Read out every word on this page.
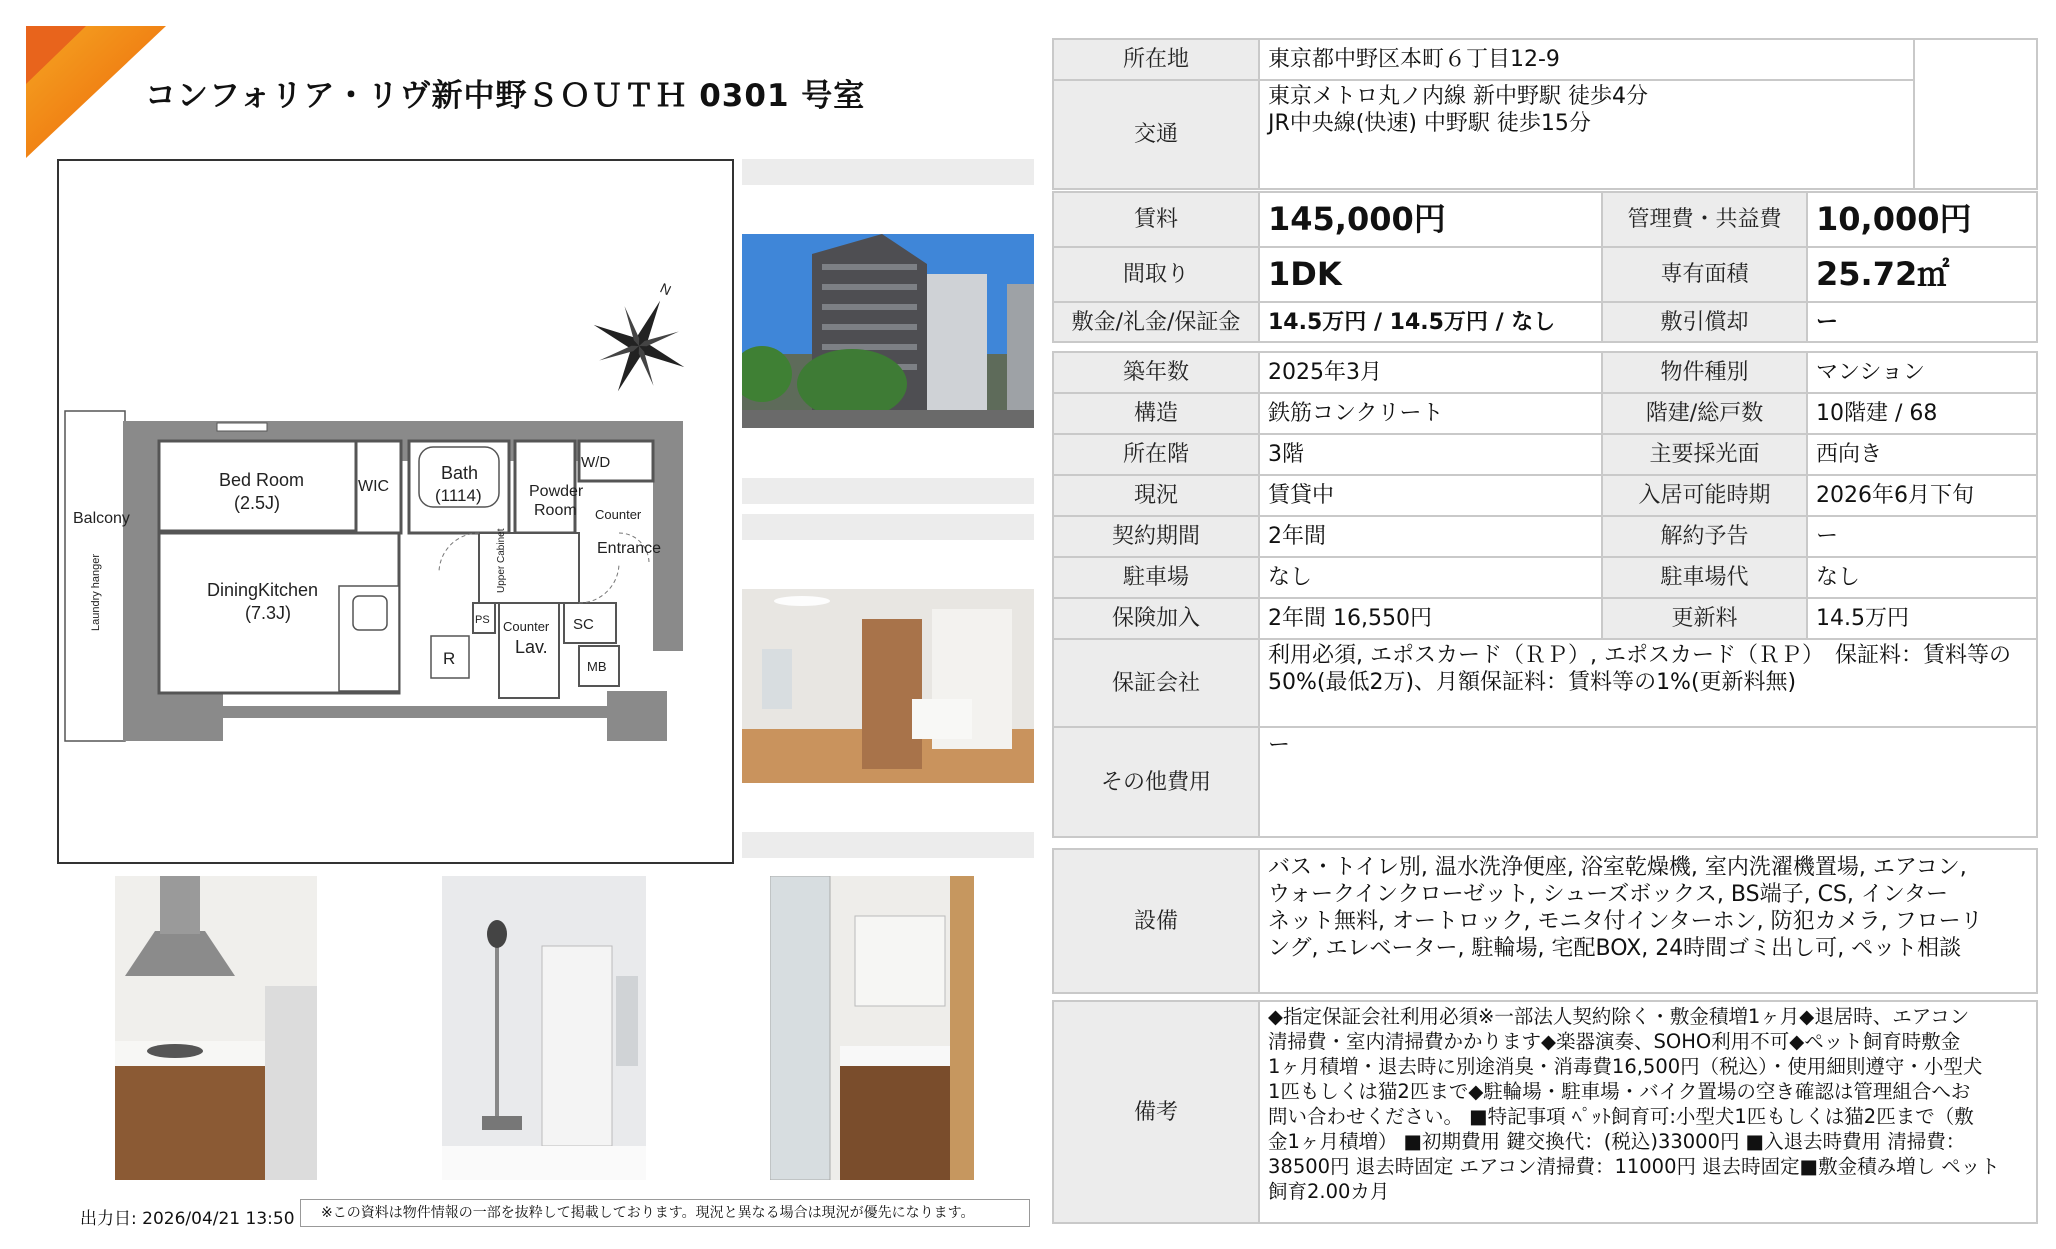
コンフォリア・リヴ新中野ＳＯＵＴＨ 0301 号室
N
Bed Room
(2.5J)
WIC
Bath
(1114)
W/D
Powder
Room Counter
Balcony
Laundry hanger	DiningKitchen
(7.3J)
Upper Cabinet	Entrance
PS Counter
Lav.
SC
R	MB
所在地	東京都中野区本町６丁目12-9	
交通	東京メトロ丸ノ内線 新中野駅 徒歩4分
JR中央線(快速) 中野駅 徒歩15分	
賃料	145,000円	管理費・共益費	10,000円
間取り	1DK	専有面積	25.72㎡
敷金/礼金/保証金	14.5万円 / 14.5万円 / なし	敷引償却	ー
築年数	2025年3月	物件種別	マンション
構造	鉄筋コンクリート	階建/総戸数	10階建 / 68
所在階	3階	主要採光面	西向き
現況	賃貸中	入居可能時期	2026年6月下旬
契約期間	2年間	解約予告	ー
駐車場	なし	駐車場代	なし
保険加入	2年間 16,550円	更新料	14.5万円
保証会社	利用必須, エポスカード（ＲＰ）, エポスカード（ＲＰ）　保証料：賃料等の
50%(最低2万)、月額保証料：賃料等の1%(更新料無)		

その他費用	ー		
設備	
バス・トイレ別, 温水洗浄便座, 浴室乾燥機, 室内洗濯機置場, エアコン,
ウォークインクローゼット, シューズボックス, BS端子, CS, インター
ネット無料, オートロック, モニタ付インターホン, 防犯カメラ, フローリ
ング, エレベーター, 駐輪場, 宅配BOX, 24時間ゴミ出し可, ペット相談
備考	
◆指定保証会社利用必須※一部法人契約除く・敷金積増1ヶ月◆退居時、エアコン
清掃費・室内清掃費かかります◆楽器演奏、SOHO利用不可◆ペット飼育時敷金
1ヶ月積増・退去時に別途消臭・消毒費16,500円（税込）・使用細則遵守・小型犬
1匹もしくは猫2匹まで◆駐輪場・駐車場・バイク置場の空き確認は管理組合へお
問い合わせください。 ■特記事項 ﾍﾟｯﾄ飼育可:小型犬1匹もしくは猫2匹まで（敷
金1ヶ月積増） ■初期費用 鍵交換代：(税込)33000円 ■入退去時費用 清掃費：
38500円 退去時固定 エアコン清掃費：11000円 退去時固定■敷金積み増し ペット
飼育2.00カ月
出力日: 2026/04/21 13:50	※この資料は物件情報の一部を抜粋して掲載しております。現況と異なる場合は現況が優先になります。
